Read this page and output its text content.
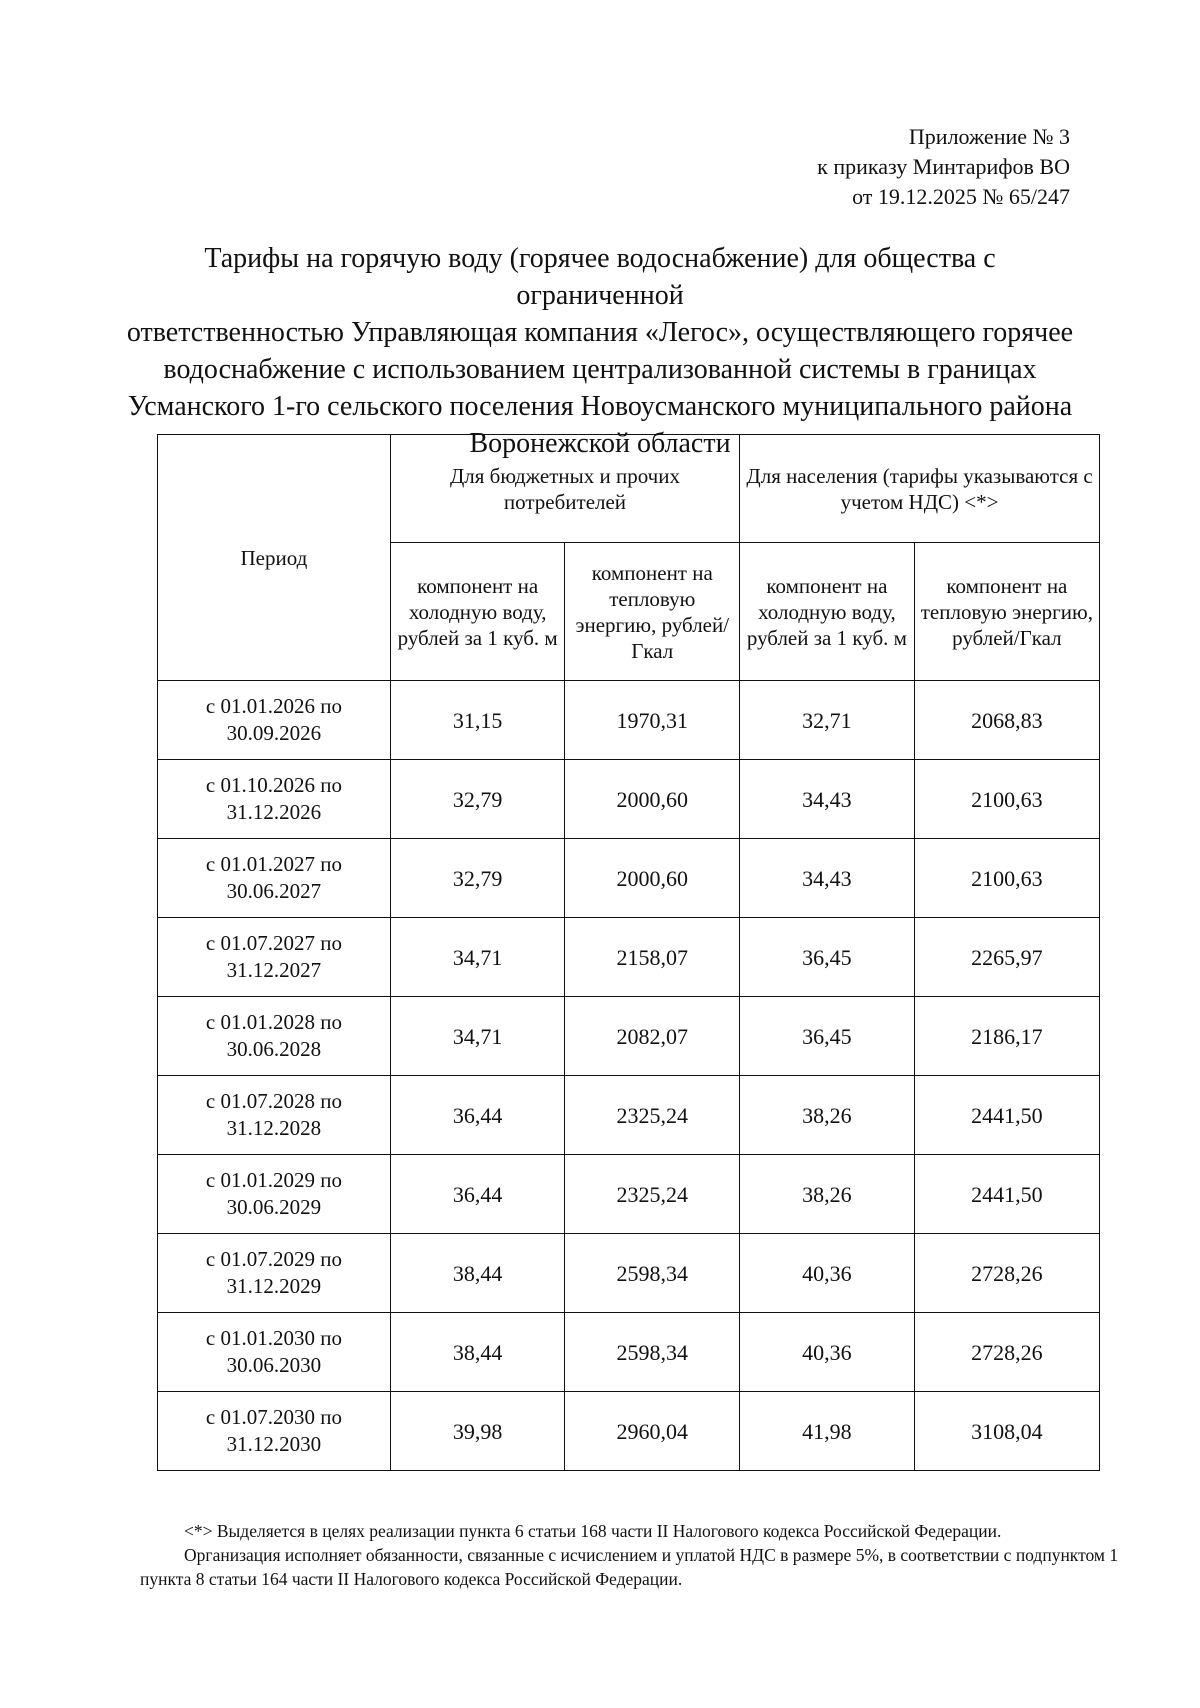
Приложение № 3
к приказу Минтарифов ВО
от 19.12.2025 № 65/247
Тарифы на горячую воду (горячее водоснабжение) для общества с ограниченной
ответственностью Управляющая компания «Легос», осуществляющего горячее
водоснабжение с использованием централизованной системы в границах
Усманского 1-го сельского поселения Новоусманского муниципального района
Воронежской области
Период	Для бюджетных и прочих потребителей		Для населения (тарифы указываются с учетом НДС) <*>	
	компонент на холодную воду, рублей за 1 куб. м	компонент на тепловую энергию, рублей/Гкал	компонент на холодную воду, рублей за 1 куб. м	компонент на тепловую энергию, рублей/Гкал

с 01.01.2026 по
30.09.2026	31,15	1970,31	32,71	2068,83

с 01.10.2026 по
31.12.2026	32,79	2000,60	34,43	2100,63

с 01.01.2027 по
30.06.2027	32,79	2000,60	34,43	2100,63

с 01.07.2027 по
31.12.2027	34,71	2158,07	36,45	2265,97

с 01.01.2028 по
30.06.2028	34,71	2082,07	36,45	2186,17

с 01.07.2028 по
31.12.2028	36,44	2325,24	38,26	2441,50

с 01.01.2029 по
30.06.2029	36,44	2325,24	38,26	2441,50

с 01.07.2029 по
31.12.2029	38,44	2598,34	40,36	2728,26

с 01.01.2030 по
30.06.2030	38,44	2598,34	40,36	2728,26

с 01.07.2030 по
31.12.2030	39,98	2960,04	41,98	3108,04

<*> Выделяется в целях реализации пункта 6 статьи 168 части II Налогового кодекса Российской Федерации.

Организация исполняет обязанности, связанные с исчислением и уплатой НДС в размере 5%, в соответствии с подпунктом 1 пункта 8 статьи 164 части II Налогового кодекса Российской Федерации.
